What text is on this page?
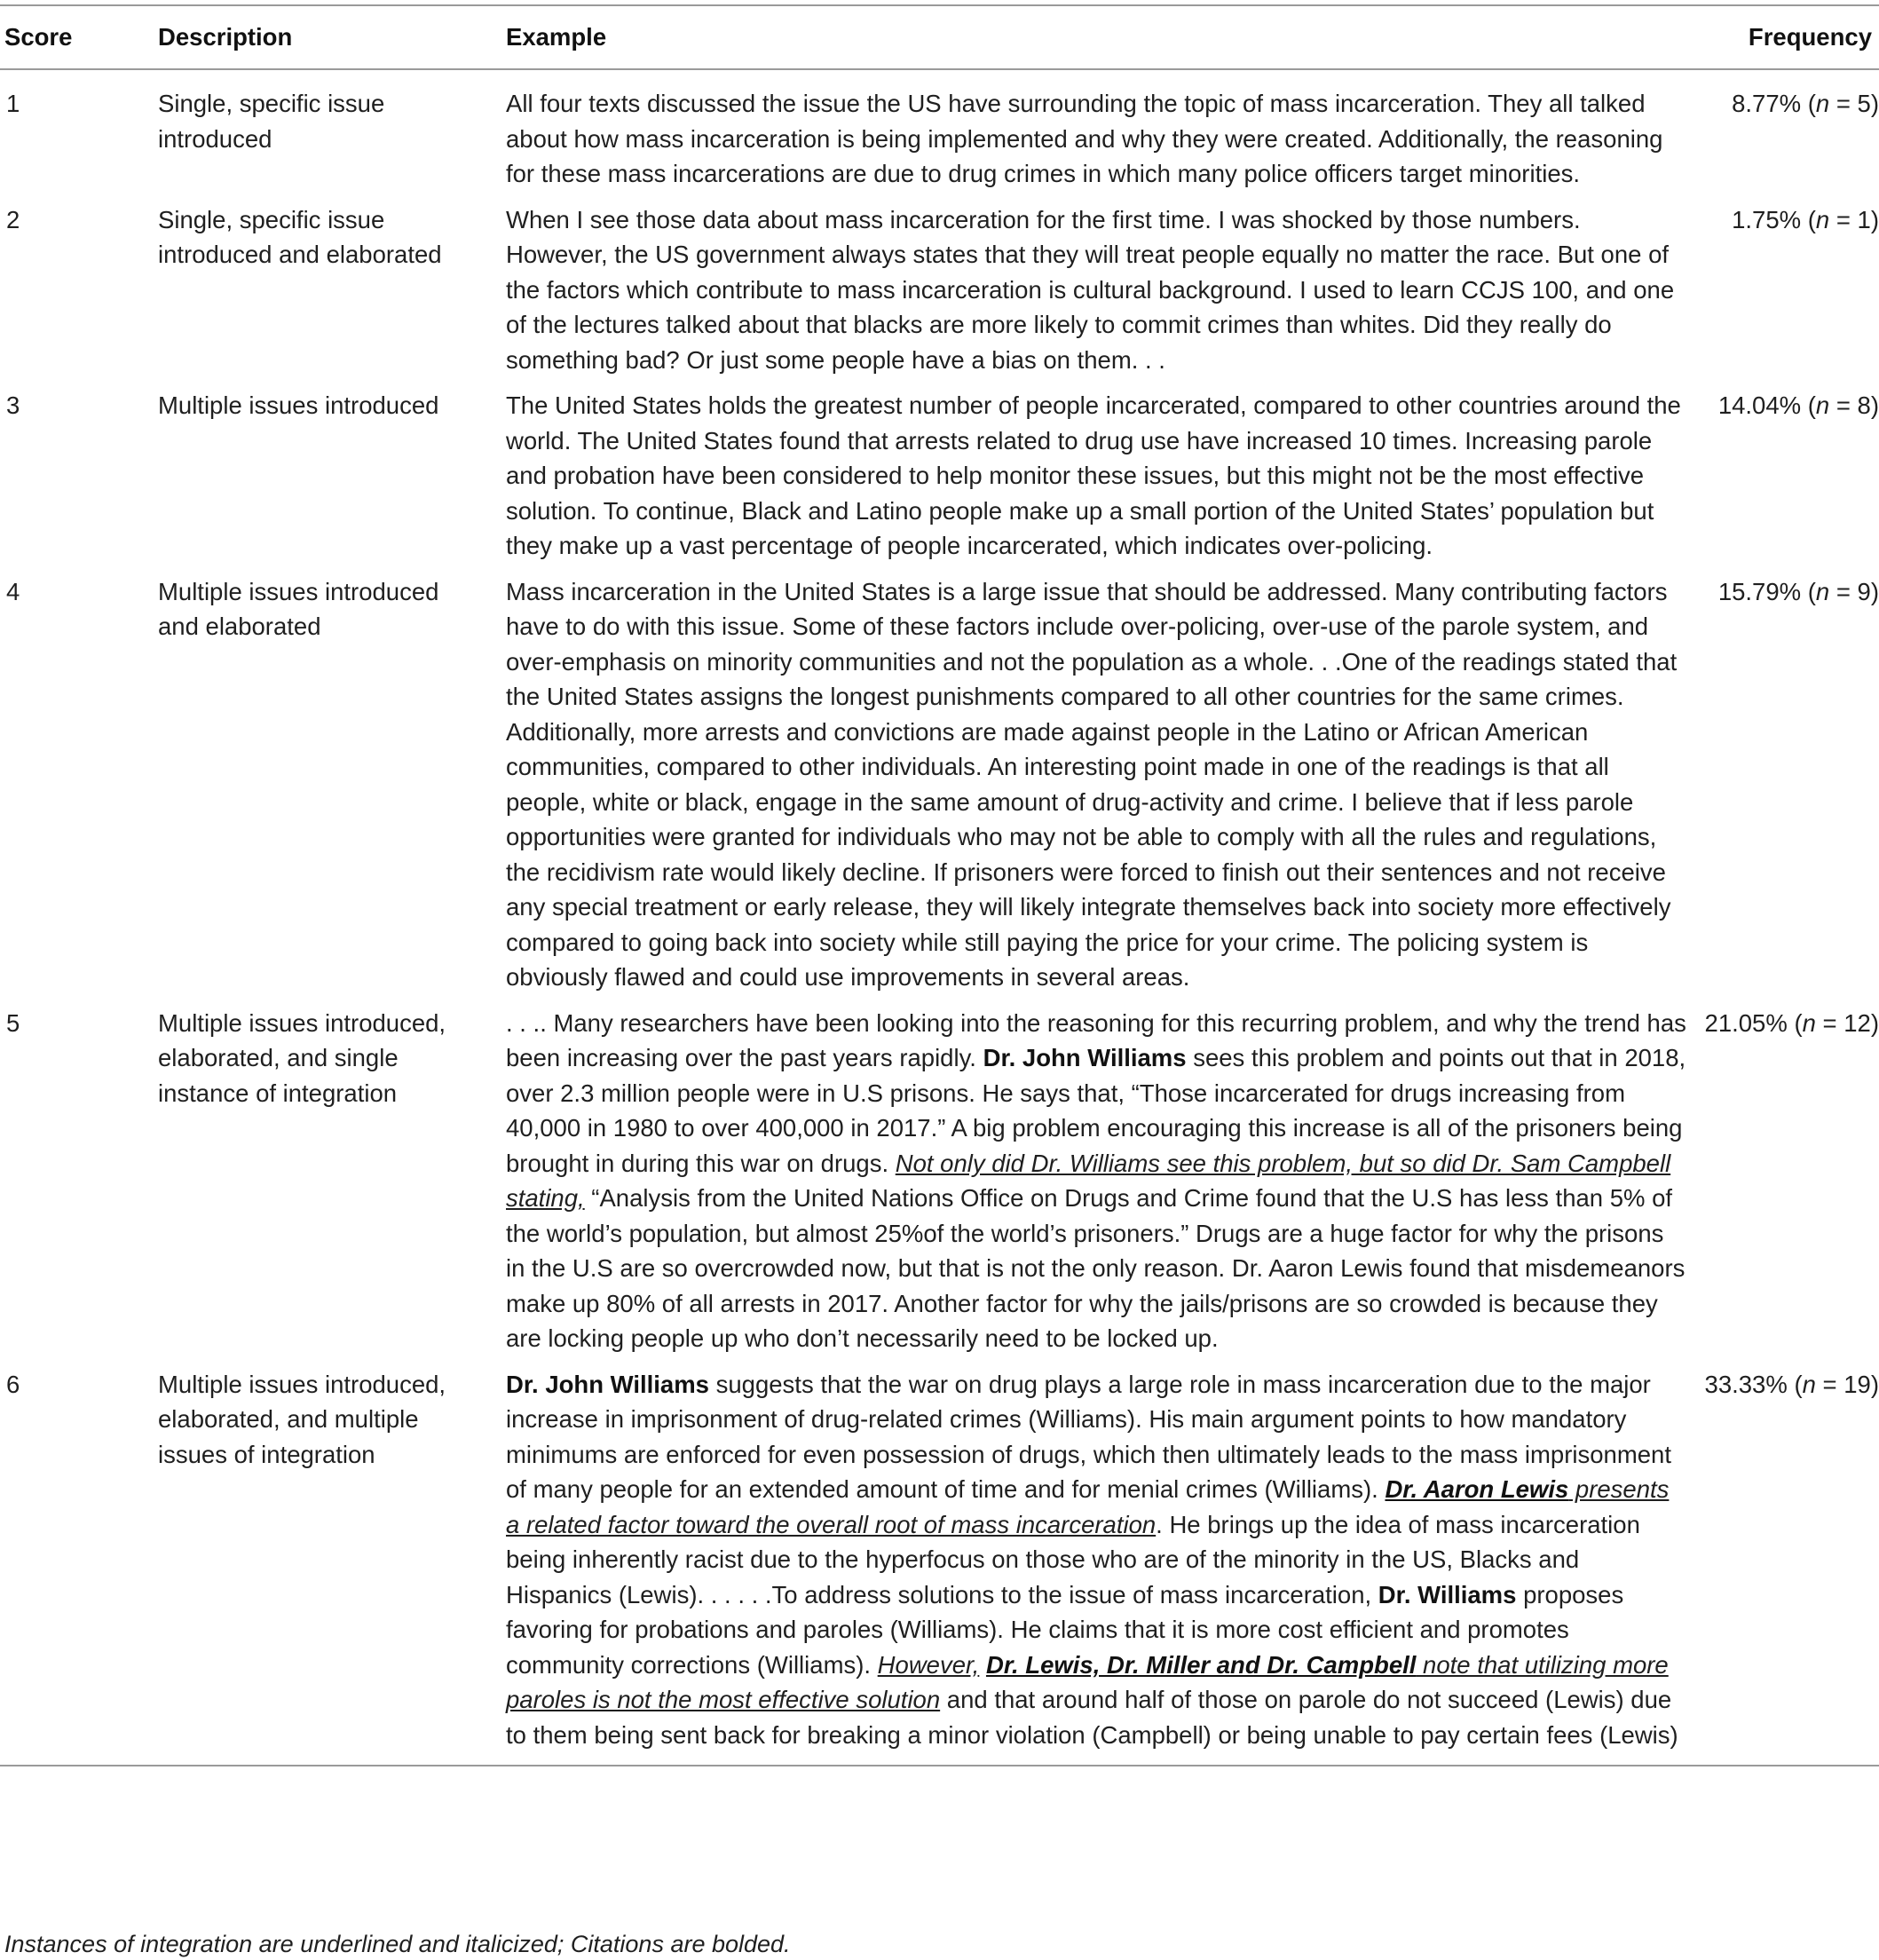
Score	Description	Example	Frequency
1	Single, specific issue introduced	All four texts discussed the issue the US have surrounding the topic of mass incarceration. They all talked about how mass incarceration is being implemented and why they were created. Additionally, the reasoning for these mass incarcerations are due to drug crimes in which many police officers target minorities.	8.77% (n = 5)
2	Single, specific issue introduced and elaborated	When I see those data about mass incarceration for the first time. I was shocked by those numbers. However, the US government always states that they will treat people equally no matter the race. But one of the factors which contribute to mass incarceration is cultural background. I used to learn CCJS 100, and one of the lectures talked about that blacks are more likely to commit crimes than whites. Did they really do something bad? Or just some people have a bias on them. . .	1.75% (n = 1)
3	Multiple issues introduced	The United States holds the greatest number of people incarcerated, compared to other countries around the world. The United States found that arrests related to drug use have increased 10 times. Increasing parole and probation have been considered to help monitor these issues, but this might not be the most effective solution. To continue, Black and Latino people make up a small portion of the United States’ population but they make up a vast percentage of people incarcerated, which indicates over-policing.	14.04% (n = 8)
4	Multiple issues introduced and elaborated	Mass incarceration in the United States is a large issue that should be addressed. Many contributing factors have to do with this issue. Some of these factors include over-policing, over-use of the parole system, and over-emphasis on minority communities and not the population as a whole. . .One of the readings stated that the United States assigns the longest punishments compared to all other countries for the same crimes. Additionally, more arrests and convictions are made against people in the Latino or African American communities, compared to other individuals. An interesting point made in one of the readings is that all people, white or black, engage in the same amount of drug-activity and crime. I believe that if less parole opportunities were granted for individuals who may not be able to comply with all the rules and regulations, the recidivism rate would likely decline. If prisoners were forced to finish out their sentences and not receive any special treatment or early release, they will likely integrate themselves back into society more effectively compared to going back into society while still paying the price for your crime. The policing system is obviously flawed and could use improvements in several areas.	15.79% (n = 9)
5	Multiple issues introduced, elaborated, and single instance of integration	. . .. Many researchers have been looking into the reasoning for this recurring problem, and why the trend has been increasing over the past years rapidly. Dr. John Williams sees this problem and points out that in 2018, over 2.3 million people were in U.S prisons. He says that, “Those incarcerated for drugs increasing from 40,000 in 1980 to over 400,000 in 2017.” A big problem encouraging this increase is all of the prisoners being brought in during this war on drugs. Not only did Dr. Williams see this problem, but so did Dr. Sam Campbell stating, “Analysis from the United Nations Office on Drugs and Crime found that the U.S has less than 5% of the world’s population, but almost 25%of the world’s prisoners.” Drugs are a huge factor for why the prisons in the U.S are so overcrowded now, but that is not the only reason. Dr. Aaron Lewis found that misdemeanors make up 80% of all arrests in 2017. Another factor for why the jails/prisons are so crowded is because they are locking people up who don’t necessarily need to be locked up.	21.05% (n = 12)
6	Multiple issues introduced, elaborated, and multiple issues of integration	Dr. John Williams suggests that the war on drug plays a large role in mass incarceration due to the major increase in imprisonment of drug-related crimes (Williams). His main argument points to how mandatory minimums are enforced for even possession of drugs, which then ultimately leads to the mass imprisonment of many people for an extended amount of time and for menial crimes (Williams). Dr. Aaron Lewis presents a related factor toward the overall root of mass incarceration. He brings up the idea of mass incarceration being inherently racist due to the hyperfocus on those who are of the minority in the US, Blacks and Hispanics (Lewis). . . . . .To address solutions to the issue of mass incarceration, Dr. Williams proposes favoring for probations and paroles (Williams). He claims that it is more cost efficient and promotes community corrections (Williams). However, Dr. Lewis, Dr. Miller and Dr. Campbell note that utilizing more paroles is not the most effective solution and that around half of those on parole do not succeed (Lewis) due to them being sent back for breaking a minor violation (Campbell) or being unable to pay certain fees (Lewis)	33.33% (n = 19)
Instances of integration are underlined and italicized; Citations are bolded.
